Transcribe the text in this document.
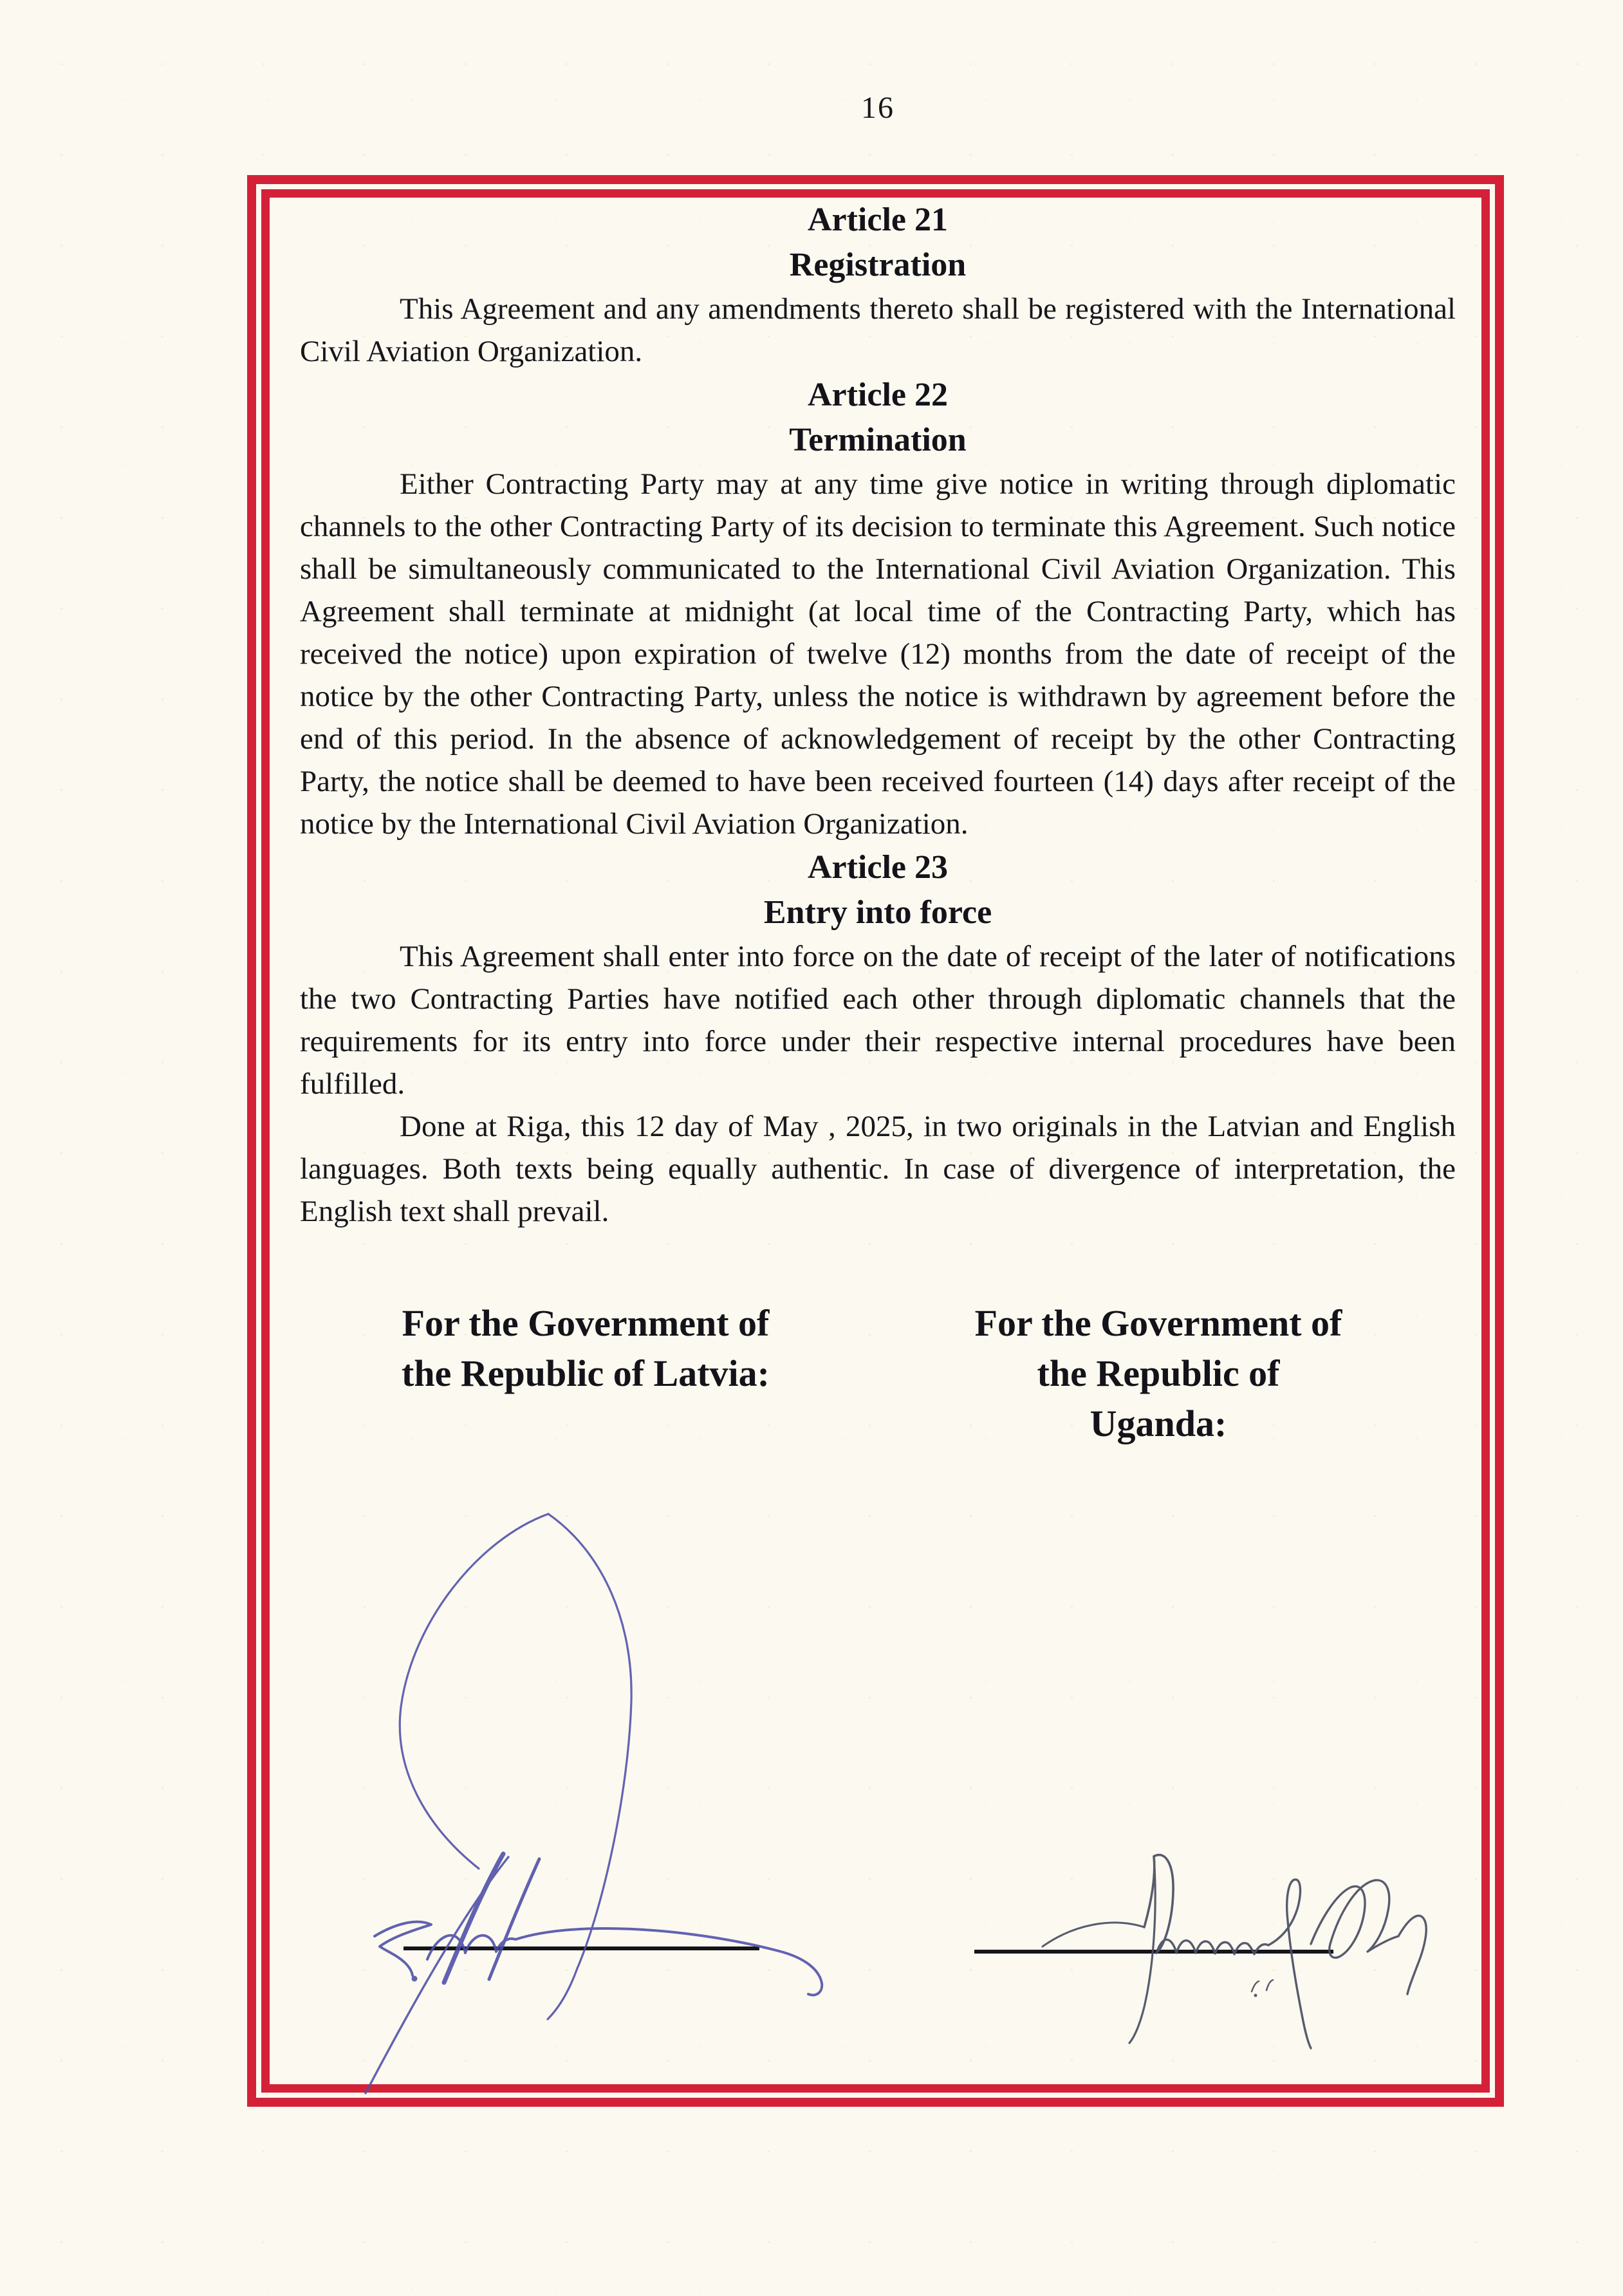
16
Article 21
Registration

This Agreement and any amendments thereto shall be registered with the International Civil Aviation Organization.

Article 22
Termination

Either Contracting Party may at any time give notice in writing through diplomatic channels to the other Contracting Party of its decision to terminate this Agreement. Such notice shall be simultaneously communicated to the International Civil Aviation Organization. This Agreement shall terminate at midnight (at local time of the Contracting Party, which has received the notice) upon expiration of twelve (12) months from the date of receipt of the notice by the other Contracting Party, unless the notice is withdrawn by agreement before the end of this period. In the absence of acknowledgement of receipt by the other Contracting Party, the notice shall be deemed to have been received fourteen (14) days after receipt of the notice by the International Civil Aviation Organization.

Article 23
Entry into force

This Agreement shall enter into force on the date of receipt of the later of notifications the two Contracting Parties have notified each other through diplomatic channels that the requirements for its entry into force under their respective internal procedures have been fulfilled.

Done at Riga, this 12 day of May , 2025, in two originals in the Latvian and English languages. Both texts being equally authentic. In case of divergence of interpretation, the English text shall prevail.

For the Government of
the Republic of Latvia:
For the Government of
the Republic of Uganda:
